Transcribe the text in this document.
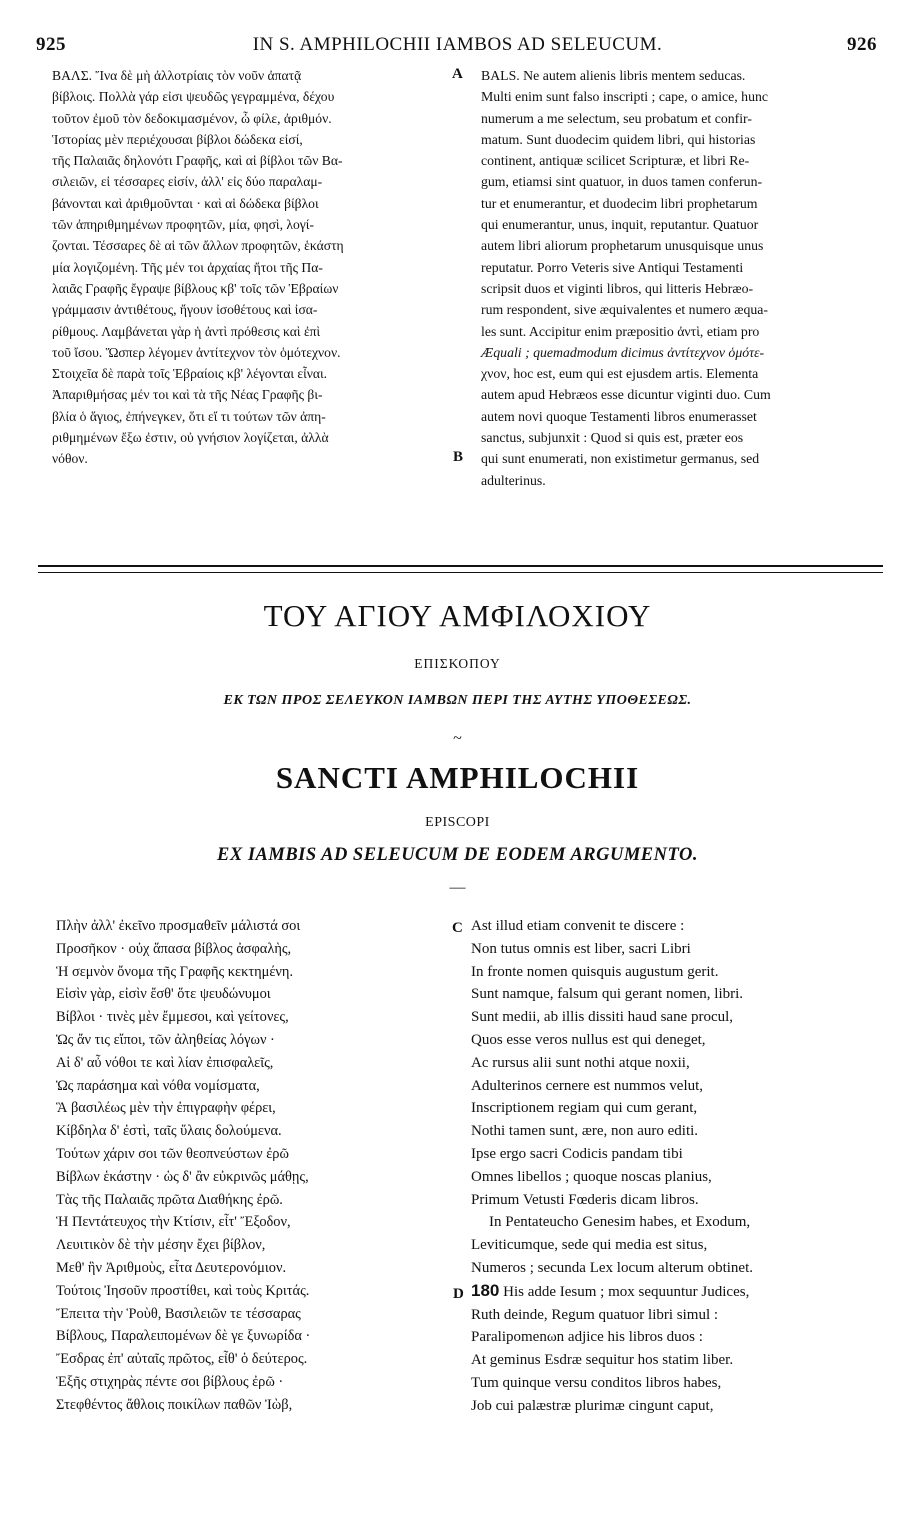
925	IN S. AMPHILOCHII IAMBOS AD SELEUCUM.	926

ΒΑΛΣ. Ἵνα δὲ μὴ ἀλλοτρίαις τὸν νοῦν ἀπατᾷ

βίβλοις. Πολλὰ γάρ εἰσι ψευδῶς γεγραμμένα, δέχου

τοῦτον ἐμοῦ τὸν δεδοκιμασμένον, ὦ φίλε, ἀριθμόν.

Ἱστορίας μὲν περιέχουσαι βίβλοι δώδεκα εἰσί,

τῆς Παλαιᾶς δηλονότι Γραφῆς, καὶ αἱ βίβλοι τῶν Βα-

σιλειῶν, εἰ τέσσαρες εἰσίν, ἀλλ' εἰς δύο παραλαμ-

βάνονται καὶ ἀριθμοῦνται · καὶ αἱ δώδεκα βίβλοι

τῶν ἀπηριθμημένων προφητῶν, μία, φησὶ, λογί-

ζονται. Τέσσαρες δὲ αἱ τῶν ἄλλων προφητῶν, ἑκάστη

μία λογιζομένη. Τῆς μέν τοι ἀρχαίας ἤτοι τῆς Πα-

λαιᾶς Γραφῆς ἔγραψε βίβλους κβ' τοῖς τῶν Ἑβραίων

γράμμασιν ἀντιθέτους, ἤγουν ἰσοθέτους καὶ ἰσα-

ρίθμους. Λαμβάνεται γὰρ ἡ ἀντὶ πρόθεσις καὶ ἐπὶ

τοῦ ἴσου. Ὥσπερ λέγομεν ἀντίτεχνον τὸν ὁμότεχνον.

Στοιχεῖα δὲ παρὰ τοῖς Ἑβραίοις κβ' λέγονται εἶναι.

Ἀπαριθμήσας μέν τοι καὶ τὰ τῆς Νέας Γραφῆς βι-

βλία ὁ ἅγιος, ἐπήνεγκεν, ὅτι εἴ τι τούτων τῶν ἀπη-

ριθμημένων ἔξω ἐστιν, οὐ γνήσιον λογίζεται, ἀλλὰ

νόθον.

A
B

BALS. Ne autem alienis libris mentem seducas.

Multi enim sunt falso inscripti ; cape, o amice, hunc

numerum a me selectum, seu probatum et confir-

matum. Sunt duodecim quidem libri, qui historias

continent, antiquæ scilicet Scripturæ, et libri Re-

gum, etiamsi sint quatuor, in duos tamen conferun-

tur et enumerantur, et duodecim libri prophetarum

qui enumerantur, unus, inquit, reputantur. Quatuor

autem libri aliorum prophetarum unusquisque unus

reputatur. Porro Veteris sive Antiqui Testamenti

scripsit duos et viginti libros, qui litteris Hebræo-

rum respondent, sive æquivalentes et numero æqua-

les sunt. Accipitur enim præpositio ἀντὶ, etiam pro

Æquali ; quemadmodum dicimus ἀντίτεχνον ὁμότε-

χνον, hoc est, eum qui est ejusdem artis. Elementa

autem apud Hebræos esse dicuntur viginti duo. Cum

autem novi quoque Testamenti libros enumerasset

sanctus, subjunxit : Quod si quis est, præter eos

qui sunt enumerati, non existimetur germanus, sed

adulterinus.

ΤΟΥ ΑΓΙΟΥ ΑΜΦΙΛΟΧΙΟΥ
ΕΠΙΣΚΟΠΟΥ
ΕΚ ΤΩΝ ΠΡΟΣ ΣΕΛΕΥΚΟΝ ΙΑΜΒΩΝ ΠΕΡΙ ΤΗΣ ΑΥΤΗΣ ΥΠΟΘΕΣΕΩΣ.
~
SANCTI AMPHILOCHII
EPISCOPI
EX IAMBIS AD SELEUCUM DE EODEM ARGUMENTO.
—

Πλὴν ἀλλ' ἐκεῖνο προσμαθεῖν μάλιστά σοι

Προσῆκον · οὐχ ἅπασα βίβλος ἀσφαλὴς,

Ἡ σεμνὸν ὄνομα τῆς Γραφῆς κεκτημένη.

Εἰσὶν γὰρ, εἰσὶν ἔσθ' ὅτε ψευδώνυμοι

Βίβλοι · τινὲς μὲν ἔμμεσοι, καὶ γείτονες,

Ὡς ἄν τις εἴποι, τῶν ἀληθείας λόγων ·

Αἱ δ' αὖ νόθοι τε καὶ λίαν ἐπισφαλεῖς,

Ὡς παράσημα καὶ νόθα νομίσματα,

Ἃ βασιλέως μὲν τὴν ἐπιγραφὴν φέρει,

Κίβδηλα δ' ἐστὶ, ταῖς ὕλαις δολούμενα.

Τούτων χάριν σοι τῶν θεοπνεύστων ἐρῶ

Βίβλων ἑκάστην · ὡς δ' ἂν εὐκρινῶς μάθῃς,

Τὰς τῆς Παλαιᾶς πρῶτα Διαθήκης ἐρῶ.

Ἡ Πεντάτευχος τὴν Κτίσιν, εἶτ' Ἔξοδον,

Λευιτικὸν δὲ τὴν μέσην ἔχει βίβλον,

Μεθ' ἣν Ἀριθμοὺς, εἶτα Δευτερονόμιον.

Τούτοις Ἰησοῦν προστίθει, καὶ τοὺς Κριτάς.

Ἔπειτα τὴν Ῥοὺθ, Βασιλειῶν τε τέσσαρας

Βίβλους, Παραλειπομένων δὲ γε ξυνωρίδα ·

Ἔσδρας ἐπ' αὐταῖς πρῶτος, εἶθ' ὁ δεύτερος.

Ἑξῆς στιχηρὰς πέντε σοι βίβλους ἐρῶ ·

Στεφθέντος ἄθλοις ποικίλων παθῶν Ἰὼβ,

C
D

Ast illud etiam convenit te discere :

Non tutus omnis est liber, sacri Libri

In fronte nomen quisquis augustum gerit.

Sunt namque, falsum qui gerant nomen, libri.

Sunt medii, ab illis dissiti haud sane procul,

Quos esse veros nullus est qui deneget,

Ac rursus alii sunt nothi atque noxii,

Adulterinos cernere est nummos velut,

Inscriptionem regiam qui cum gerant,

Nothi tamen sunt, ære, non auro editi.

Ipse ergo sacri Codicis pandam tibi

Omnes libellos ; quoque noscas planius,

Primum Vetusti Fœderis dicam libros.

In Pentateucho Genesim habes, et Exodum,

Leviticumque, sede qui media est situs,

Numeros ; secunda Lex locum alterum obtinet.

180 His adde Iesum ; mox sequuntur Judices,

Ruth deinde, Regum quatuor libri simul :

Paralipomenωn adjice his libros duos :

At geminus Esdræ sequitur hos statim liber.

Tum quinque versu conditos libros habes,

Job cui palæstræ plurimæ cingunt caput,
